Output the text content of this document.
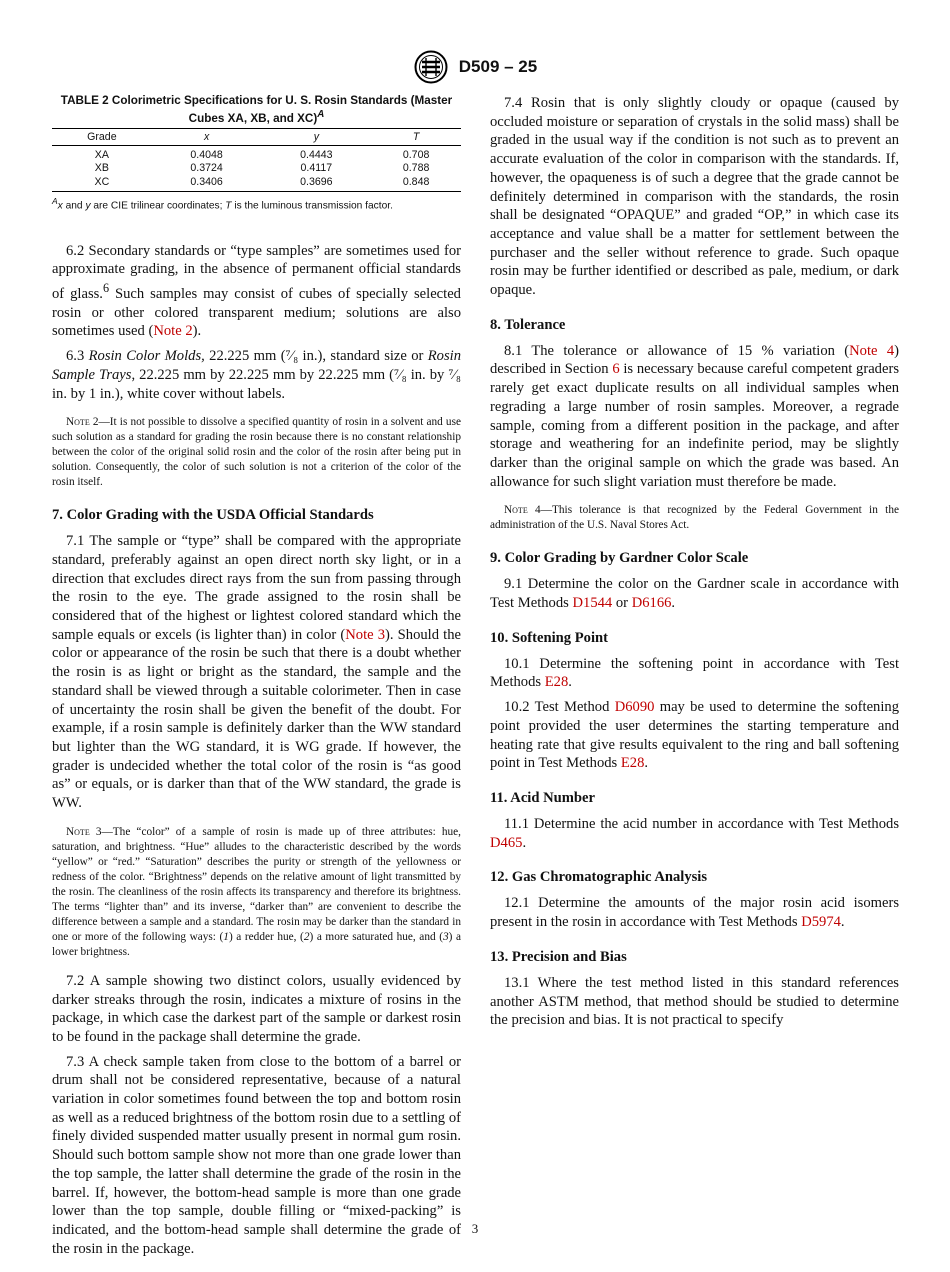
D509 – 25
TABLE 2 Colorimetric Specifications for U. S. Rosin Standards (Master Cubes XA, XB, and XC)$^A$
Grade	x	y	T
XA	0.4048	0.4443	0.708
XB	0.3724	0.4117	0.788
XC	0.3406	0.3696	0.848
$^A$x and y are CIE trilinear coordinates; T is the luminous transmission factor.

6.2 Secondary standards or “type samples” are sometimes used for approximate grading, in the absence of permanent official standards of glass.$^6$ Such samples may consist of cubes of specially selected rosin or other colored transparent medium; solutions are also sometimes used (Note 2).

6.3 Rosin Color Molds, 22.225 mm (⁷⁄₈ in.), standard size or Rosin Sample Trays, 22.225 mm by 22.225 mm by 22.225 mm (⁷⁄₈ in. by ⁷⁄₈ in. by 1 in.), white cover without labels.

Note 2—It is not possible to dissolve a specified quantity of rosin in a solvent and use such solution as a standard for grading the rosin because there is no constant relationship between the color of the original solid rosin and the color of the rosin after being put in solution. Consequently, the color of such solution is not a criterion of the color of the rosin itself.

7. Color Grading with the USDA Official Standards

7.1 The sample or “type” shall be compared with the appropriate standard, preferably against an open direct north sky light, or in a direction that excludes direct rays from the sun from passing through the rosin to the eye. The grade assigned to the rosin shall be considered that of the highest or lightest colored standard which the sample equals or excels (is lighter than) in color (Note 3). Should the color or appearance of the rosin be such that there is a doubt whether the rosin is as light or bright as the standard, the sample and the standard shall be viewed through a suitable colorimeter. Then in case of uncertainty the rosin shall be given the benefit of the doubt. For example, if a rosin sample is definitely darker than the WW standard but lighter than the WG standard, it is WG grade. If however, the grader is undecided whether the total color of the rosin is “as good as” or equals, or is darker than that of the WW standard, the grade is WW.

Note 3—The “color” of a sample of rosin is made up of three attributes: hue, saturation, and brightness. “Hue” alludes to the characteristic described by the words “yellow” or “red.” “Saturation” describes the purity or strength of the yellowness or redness of the color. “Brightness” depends on the relative amount of light transmitted by the rosin. The cleanliness of the rosin affects its transparency and therefore its brightness. The terms “lighter than” and its inverse, “darker than” are convenient to describe the difference between a sample and a standard. The rosin may be darker than the standard in one or more of the following ways: (1) a redder hue, (2) a more saturated hue, and (3) a lower brightness.

7.2 A sample showing two distinct colors, usually evidenced by darker streaks through the rosin, indicates a mixture of rosins in the package, in which case the darkest part of the sample or darkest rosin to be found in the package shall determine the grade.

7.3 A check sample taken from close to the bottom of a barrel or drum shall not be considered representative, because of a natural variation in color sometimes found between the top and bottom rosin as well as a reduced brightness of the bottom rosin due to a settling of finely divided suspended matter usually present in normal gum rosin. Should such bottom sample show not more than one grade lower than the top sample, the latter shall determine the grade of the rosin in the barrel. If, however, the bottom-head sample is more than one grade lower than the top sample, double filling or “mixed-packing” is indicated, and the bottom-head sample shall determine the grade of the rosin in the package.

7.4 Rosin that is only slightly cloudy or opaque (caused by occluded moisture or separation of crystals in the solid mass) shall be graded in the usual way if the condition is not such as to prevent an accurate evaluation of the color in comparison with the standards. If, however, the opaqueness is of such a degree that the grade cannot be definitely determined in comparison with the standards, the rosin shall be designated “OPAQUE” and graded “OP,” in which case its acceptance and value shall be a matter for settlement between the purchaser and the seller without reference to grade. Such opaque rosin may be further identified or described as pale, medium, or dark opaque.

8. Tolerance

8.1 The tolerance or allowance of 15 % variation (Note 4) described in Section 6 is necessary because careful competent graders rarely get exact duplicate results on all individual samples when regrading a large number of rosin samples. Moreover, a regrade sample, coming from a different position in the package, and after storage and weathering for an indefinite period, may be slightly darker than the original sample on which the grade was based. An allowance for such slight variation must therefore be made.

Note 4—This tolerance is that recognized by the Federal Government in the administration of the U.S. Naval Stores Act.

9. Color Grading by Gardner Color Scale

9.1 Determine the color on the Gardner scale in accordance with Test Methods D1544 or D6166.

10. Softening Point

10.1 Determine the softening point in accordance with Test Methods E28.

10.2 Test Method D6090 may be used to determine the softening point provided the user determines the starting temperature and heating rate that give results equivalent to the ring and ball softening point in Test Methods E28.

11. Acid Number

11.1 Determine the acid number in accordance with Test Methods D465.

12. Gas Chromatographic Analysis

12.1 Determine the amounts of the major rosin acid isomers present in the rosin in accordance with Test Methods D5974.

13. Precision and Bias

13.1 Where the test method listed in this standard references another ASTM method, that method should be studied to determine the precision and bias. It is not practical to specify

3
